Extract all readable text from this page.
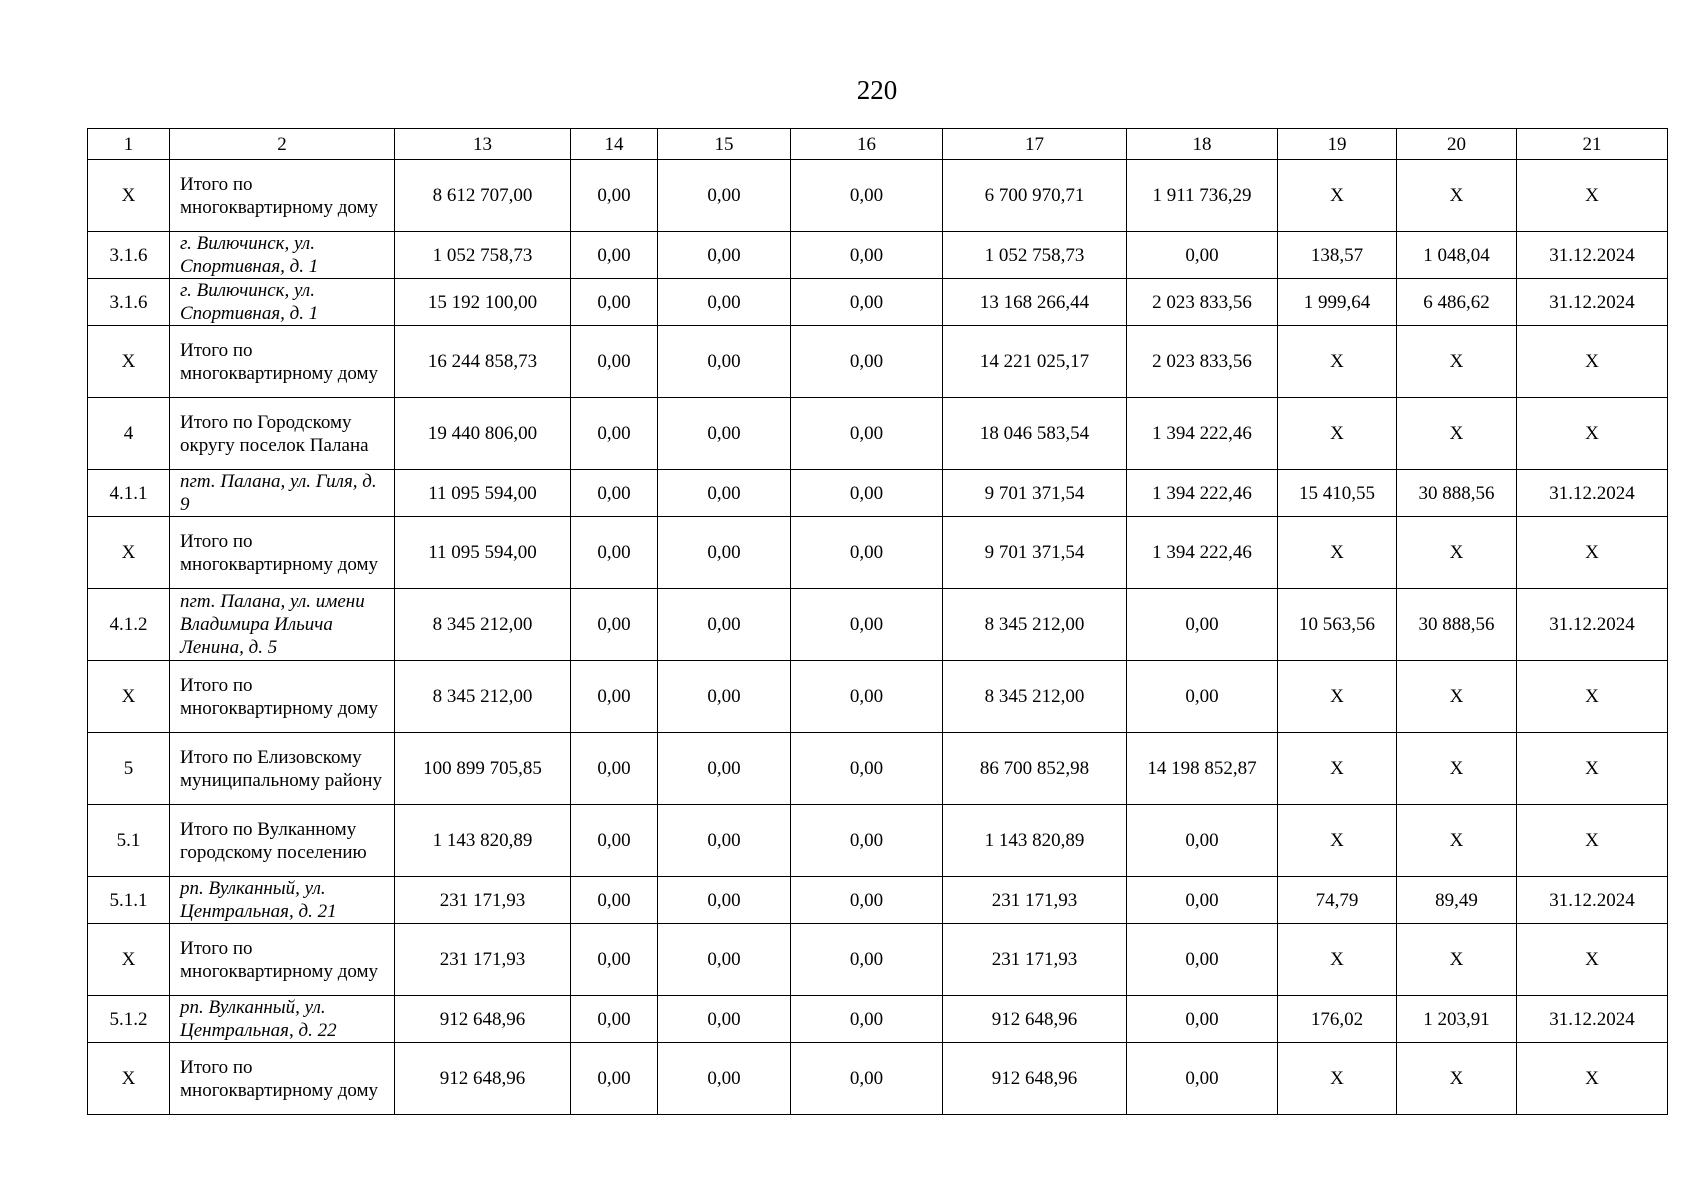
220
1	2	13	14	15	16	17	18	19	20	21
X	Итого по многоквартирному дому	8 612 707,00	0,00	0,00	0,00	6 700 970,71	1 911 736,29	X	X	X
3.1.6	г. Вилючинск, ул. Спортивная, д. 1	1 052 758,73	0,00	0,00	0,00	1 052 758,73	0,00	138,57	1 048,04	31.12.2024
3.1.6	г. Вилючинск, ул. Спортивная, д. 1	15 192 100,00	0,00	0,00	0,00	13 168 266,44	2 023 833,56	1 999,64	6 486,62	31.12.2024
X	Итого по многоквартирному дому	16 244 858,73	0,00	0,00	0,00	14 221 025,17	2 023 833,56	X	X	X
4	Итого по Городскому округу поселок Палана	19 440 806,00	0,00	0,00	0,00	18 046 583,54	1 394 222,46	X	X	X
4.1.1	пгт. Палана, ул. Гиля, д. 9	11 095 594,00	0,00	0,00	0,00	9 701 371,54	1 394 222,46	15 410,55	30 888,56	31.12.2024
X	Итого по многоквартирному дому	11 095 594,00	0,00	0,00	0,00	9 701 371,54	1 394 222,46	X	X	X
4.1.2	пгт. Палана, ул. имени Владимира Ильича Ленина, д. 5	8 345 212,00	0,00	0,00	0,00	8 345 212,00	0,00	10 563,56	30 888,56	31.12.2024
X	Итого по многоквартирному дому	8 345 212,00	0,00	0,00	0,00	8 345 212,00	0,00	X	X	X
5	Итого по Елизовскому муниципальному району	100 899 705,85	0,00	0,00	0,00	86 700 852,98	14 198 852,87	X	X	X
5.1	Итого по Вулканному городскому поселению	1 143 820,89	0,00	0,00	0,00	1 143 820,89	0,00	X	X	X
5.1.1	рп. Вулканный, ул. Центральная, д. 21	231 171,93	0,00	0,00	0,00	231 171,93	0,00	74,79	89,49	31.12.2024
X	Итого по многоквартирному дому	231 171,93	0,00	0,00	0,00	231 171,93	0,00	X	X	X
5.1.2	рп. Вулканный, ул. Центральная, д. 22	912 648,96	0,00	0,00	0,00	912 648,96	0,00	176,02	1 203,91	31.12.2024
X	Итого по многоквартирному дому	912 648,96	0,00	0,00	0,00	912 648,96	0,00	X	X	X
